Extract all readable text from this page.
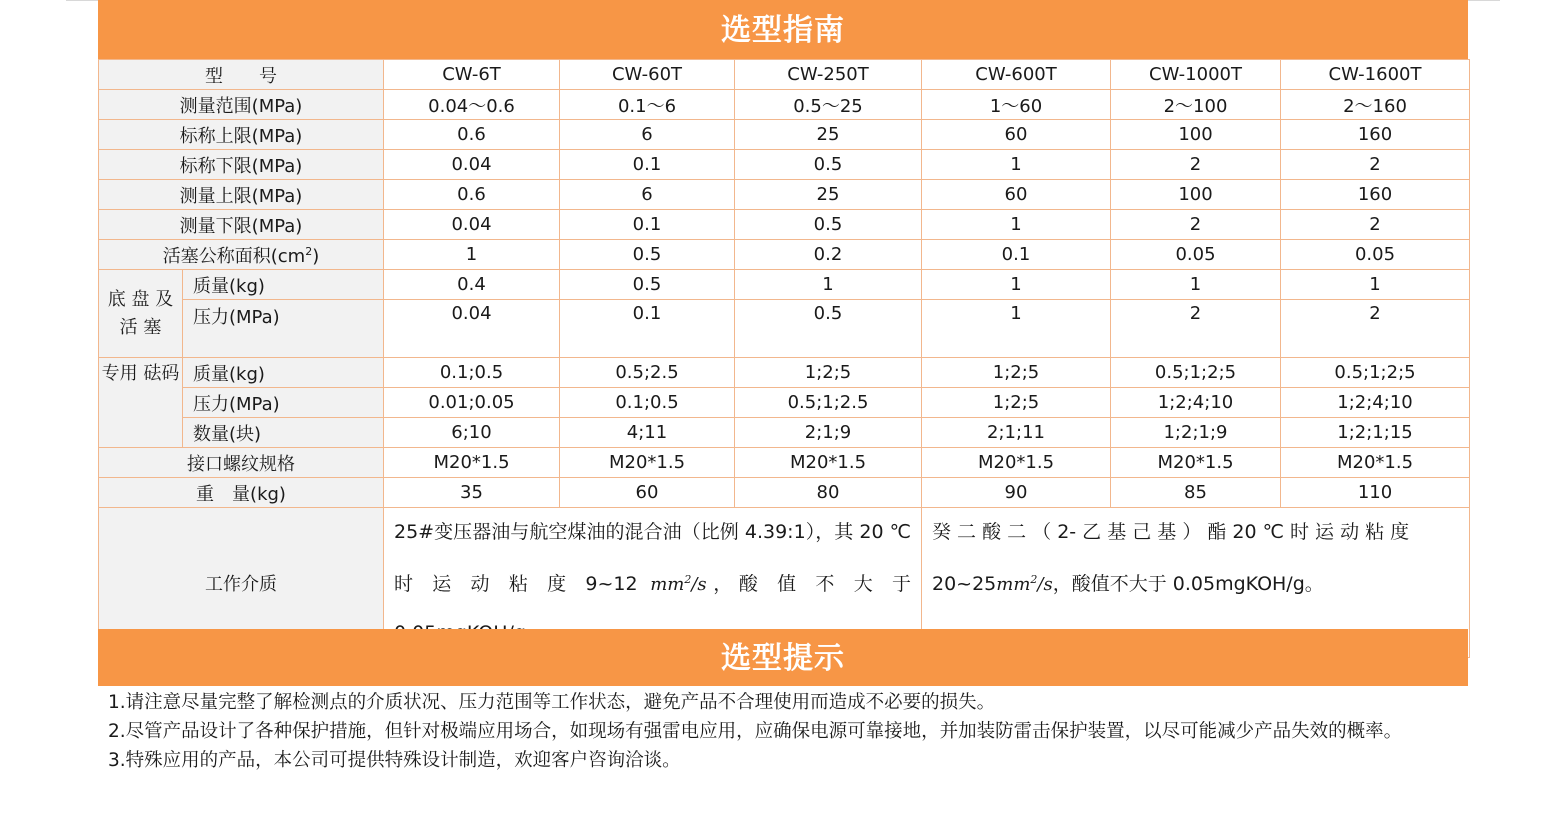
选型指南
型　　号		CW-6T	CW-60T	CW-250T	CW-600T	CW-1000T	CW-1600T
测量范围(MPa)		0.04～0.6	0.1～6	0.5～25	1～60	2～100	2～160
标称上限(MPa)		0.6	6	25	60	100	160
标称下限(MPa)		0.04	0.1	0.5	1	2	2
测量上限(MPa)		0.6	6	25	60	100	160
测量下限(MPa)		0.04	0.1	0.5	1	2	2
活塞公称面积$(cm^2)$		1	0.5	0.2	0.1	0.05	0.05
底 盘 及活 塞	质量(kg)	0.4	0.5	1	1	1	1
	压力(MPa)	0.04	0.1	0.5	1	2	2
专用 砝码	质量(kg)	0.1;0.5	0.5;2.5	1;2;5	1;2;5	0.5;1;2;5	0.5;1;2;5
	压力(MPa)	0.01;0.05	0.1;0.5	0.5;1;2.5	1;2;5	1;2;4;10	1;2;4;10
	数量(块)	6;10	4;11	2;1;9	2;1;11	1;2;1;9	1;2;1;15
接口螺纹规格		M20*1.5	M20*1.5	M20*1.5	M20*1.5	M20*1.5	M20*1.5
重　量(kg)		35	60	80	90	85	110
工作介质		25#变压器油与航空煤油的混合油（比例 4.39:1），其 20 ℃ 时 运 动 粘 度 9~12 $mm^2/s$，酸 值 不 大 于			癸 二 酸 二 （ 2- 乙 基 己 基 ） 酯 20 ℃ 时 运 动 粘 度 $20\sim 25mm^2/s$，酸值不大于 0.05mgKOH/g。		
选型提示

1.请注意尽量完整了解检测点的介质状况、压力范围等工作状态，避免产品不合理使用而造成不必要的损失。

2.尽管产品设计了各种保护措施，但针对极端应用场合，如现场有强雷电应用，应确保电源可靠接地，并加装防雷击保护装置，以尽可能减少产品失效的概率。

3.特殊应用的产品，本公司可提供特殊设计制造，欢迎客户咨询洽谈。
